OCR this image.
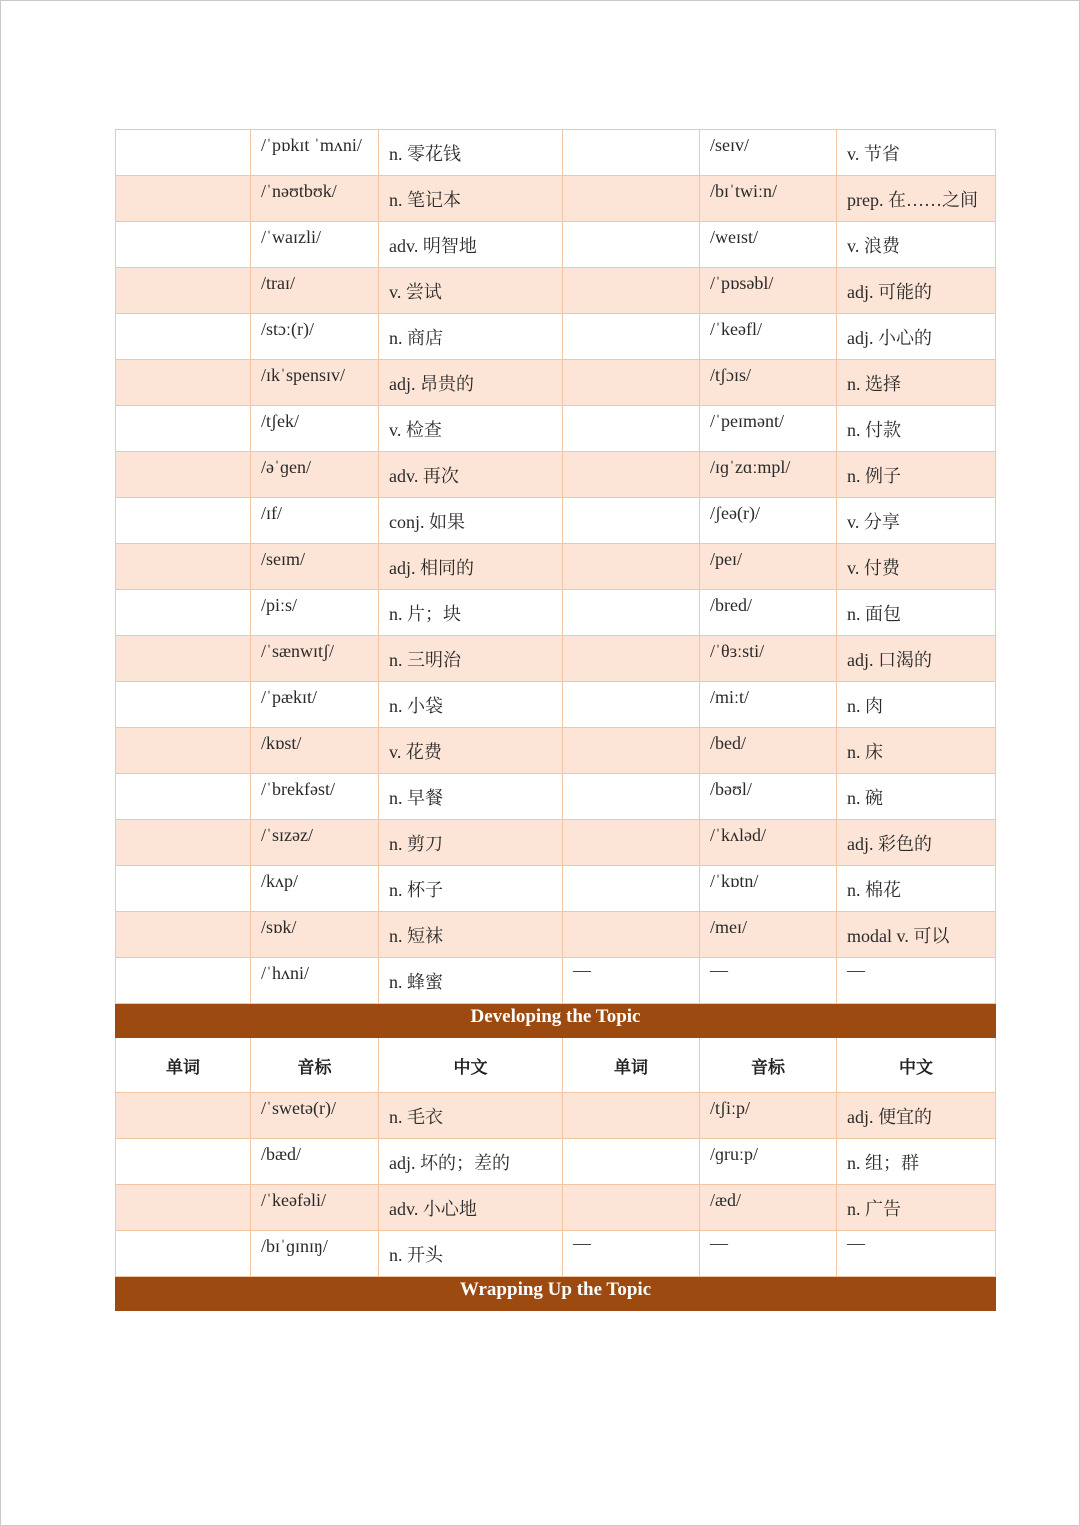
	/ˈpɒkɪt ˈmʌni/	n. 零花钱		/seɪv/	v. 节省
	/ˈnəʊtbʊk/	n. 笔记本		/bɪˈtwiːn/	prep. 在……之间
	/ˈwaɪzli/	adv. 明智地		/weɪst/	v. 浪费
	/traɪ/	v. 尝试		/ˈpɒsəbl/	adj. 可能的
	/stɔː(r)/	n. 商店		/ˈkeəfl/	adj. 小心的
	/ɪkˈspensɪv/	adj. 昂贵的		/tʃɔɪs/	n. 选择
	/tʃek/	v. 检查		/ˈpeɪmənt/	n. 付款
	/əˈɡen/	adv. 再次		/ɪɡˈzɑːmpl/	n. 例子
	/ɪf/	conj. 如果		/ʃeə(r)/	v. 分享
	/seɪm/	adj. 相同的		/peɪ/	v. 付费
	/piːs/	n. 片；块		/bred/	n. 面包
	/ˈsænwɪtʃ/	n. 三明治		/ˈθɜːsti/	adj. 口渴的
	/ˈpækɪt/	n. 小袋		/miːt/	n. 肉
	/kɒst/	v. 花费		/bed/	n. 床
	/ˈbrekfəst/	n. 早餐		/bəʊl/	n. 碗
	/ˈsɪzəz/	n. 剪刀		/ˈkʌləd/	adj. 彩色的
	/kʌp/	n. 杯子		/ˈkɒtn/	n. 棉花
	/sɒk/	n. 短袜		/meɪ/	modal v. 可以
	/ˈhʌni/	n. 蜂蜜	—	—	—
Developing the Topic					
单词	音标	中文	单词	音标	中文
	/ˈswetə(r)/	n. 毛衣		/tʃiːp/	adj. 便宜的
	/bæd/	adj. 坏的；差的		/ɡruːp/	n. 组；群
	/ˈkeəfəli/	adv. 小心地		/æd/	n. 广告
	/bɪˈɡɪnɪŋ/	n. 开头	—	—	—
Wrapping Up the Topic					
